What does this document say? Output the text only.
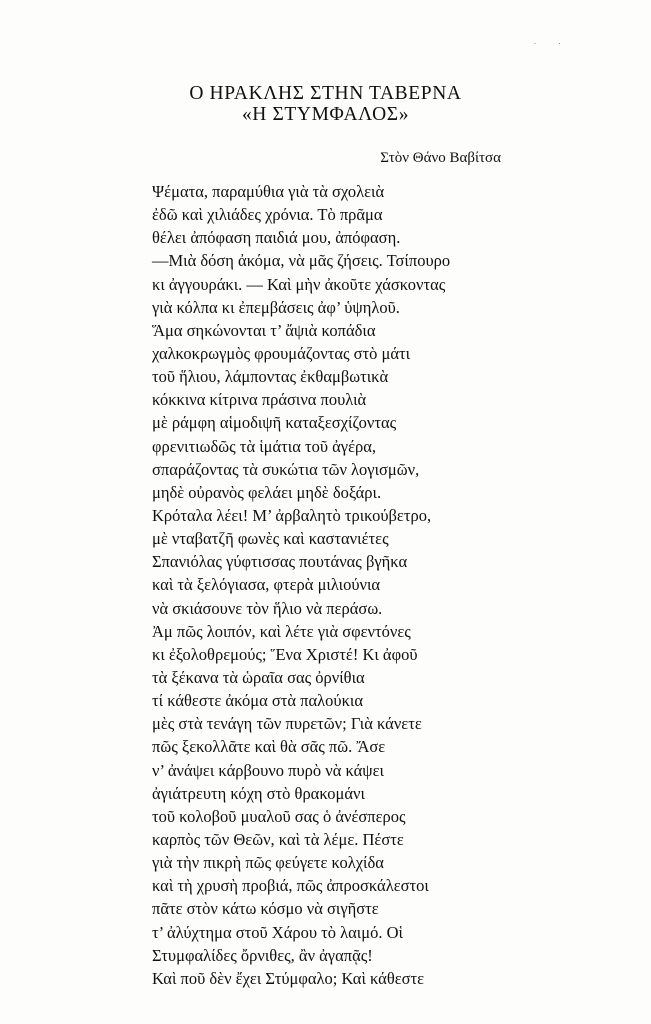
· ·
Ο ΗΡΑΚΛΗΣ ΣΤΗΝ ΤΑΒΕΡΝΑ
«Η ΣΤΥΜΦΑΛΟΣ»
Στὸν Θάνο Βαβίτσα
Ψέματα, παραμύθια γιὰ τὰ σχολειὰ
ἐδῶ καὶ χιλιάδες χρόνια. Τὸ πρᾶμα
θέλει ἀπόφαση παιδιά μου, ἀπόφαση.
—Μιὰ δόση ἀκόμα, νὰ μᾶς ζήσεις. Τσίπουρο
κι ἀγγουράκι. — Καὶ μὴν ἀκοῦτε χάσκοντας
γιὰ κόλπα κι ἐπεμβάσεις ἀφ’ ὑψηλοῦ.
Ἅμα σηκώνονται τ’ ἄψιὰ κοπάδια
χαλκοκρωγμὸς φρουμάζοντας στὸ μάτι
τοῦ ἥλιου, λάμποντας ἐκθαμβωτικὰ
κόκκινα κίτρινα πράσινα πουλιὰ
μὲ ράμφη αἱμοδιψῆ καταξεσχίζοντας
φρενιτιωδῶς τὰ ἱμάτια τοῦ ἀγέρα,
σπαράζοντας τὰ συκώτια τῶν λογισμῶν,
μηδὲ οὐρανὸς φελάει μηδὲ δοξάρι.
Κρόταλα λέει! Μ’ ἀρβαλητὸ τρικούβετρο,
μὲ νταβατζῆ φωνὲς καὶ καστανιέτες
Σπανιόλας γύφτισσας πουτάνας βγῆκα
καὶ τὰ ξελόγιασα, φτερὰ μιλιούνια
νὰ σκιάσουνε τὸν ἥλιο νὰ περάσω.
Ἀμ πῶς λοιπόν, καὶ λέτε γιὰ σφεντόνες
κι ἐξολοθρεμούς; Ἕνα Χριστέ! Κι ἀφοῦ
τὰ ξέκανα τὰ ὡραῖα σας ὀρνίθια
τί κάθεστε ἀκόμα στὰ παλούκια
μὲς στὰ τενάγη τῶν πυρετῶν; Γιὰ κάνετε
πῶς ξεκολλᾶτε καὶ θὰ σᾶς πῶ. Ἄσε
ν’ ἀνάψει κάρβουνο πυρὸ νὰ κάψει
ἀγιάτρευτη κόχη στὸ θρακομάνι
τοῦ κολοβοῦ μυαλοῦ σας ὁ ἀνέσπερος
καρπὸς τῶν Θεῶν, καὶ τὰ λέμε. Πέστε
γιὰ τὴν πικρὴ πῶς φεύγετε κολχίδα
καὶ τὴ χρυσὴ προβιά, πῶς ἀπροσκάλεστοι
πᾶτε στὸν κάτω κόσμο νὰ σιγῆστε
τ’ ἀλύχτημα στοῦ Χάρου τὸ λαιμό. Οἱ
Στυμφαλίδες ὄρνιθες, ἂν ἀγαπᾷς!
Καὶ ποῦ δὲν ἔχει Στύμφαλο; Καὶ κάθεστε
